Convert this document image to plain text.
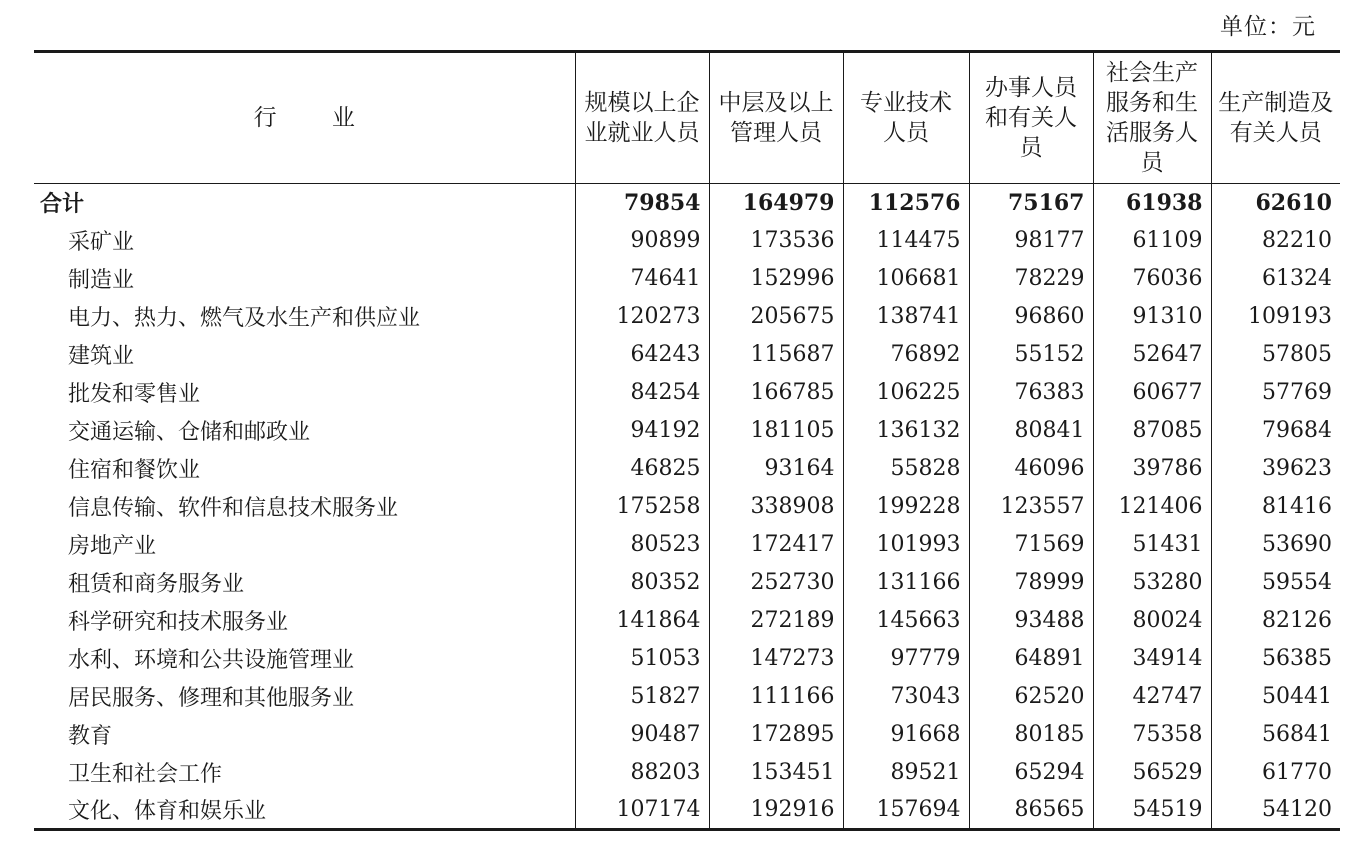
单位：元
行 业	规模以上企业就业人员	中层及以上管理人员	专业技术人员	办事人员和有关人员	社会生产服务和生活服务人员	生产制造及有关人员
合计	79854	164979	112576	75167	61938	62610
采矿业	90899	173536	114475	98177	61109	82210
制造业	74641	152996	106681	78229	76036	61324
电力、热力、燃气及水生产和供应业	120273	205675	138741	96860	91310	109193
建筑业	64243	115687	76892	55152	52647	57805
批发和零售业	84254	166785	106225	76383	60677	57769
交通运输、仓储和邮政业	94192	181105	136132	80841	87085	79684
住宿和餐饮业	46825	93164	55828	46096	39786	39623
信息传输、软件和信息技术服务业	175258	338908	199228	123557	121406	81416
房地产业	80523	172417	101993	71569	51431	53690
租赁和商务服务业	80352	252730	131166	78999	53280	59554
科学研究和技术服务业	141864	272189	145663	93488	80024	82126
水利、环境和公共设施管理业	51053	147273	97779	64891	34914	56385
居民服务、修理和其他服务业	51827	111166	73043	62520	42747	50441
教育	90487	172895	91668	80185	75358	56841
卫生和社会工作	88203	153451	89521	65294	56529	61770
文化、体育和娱乐业	107174	192916	157694	86565	54519	54120
